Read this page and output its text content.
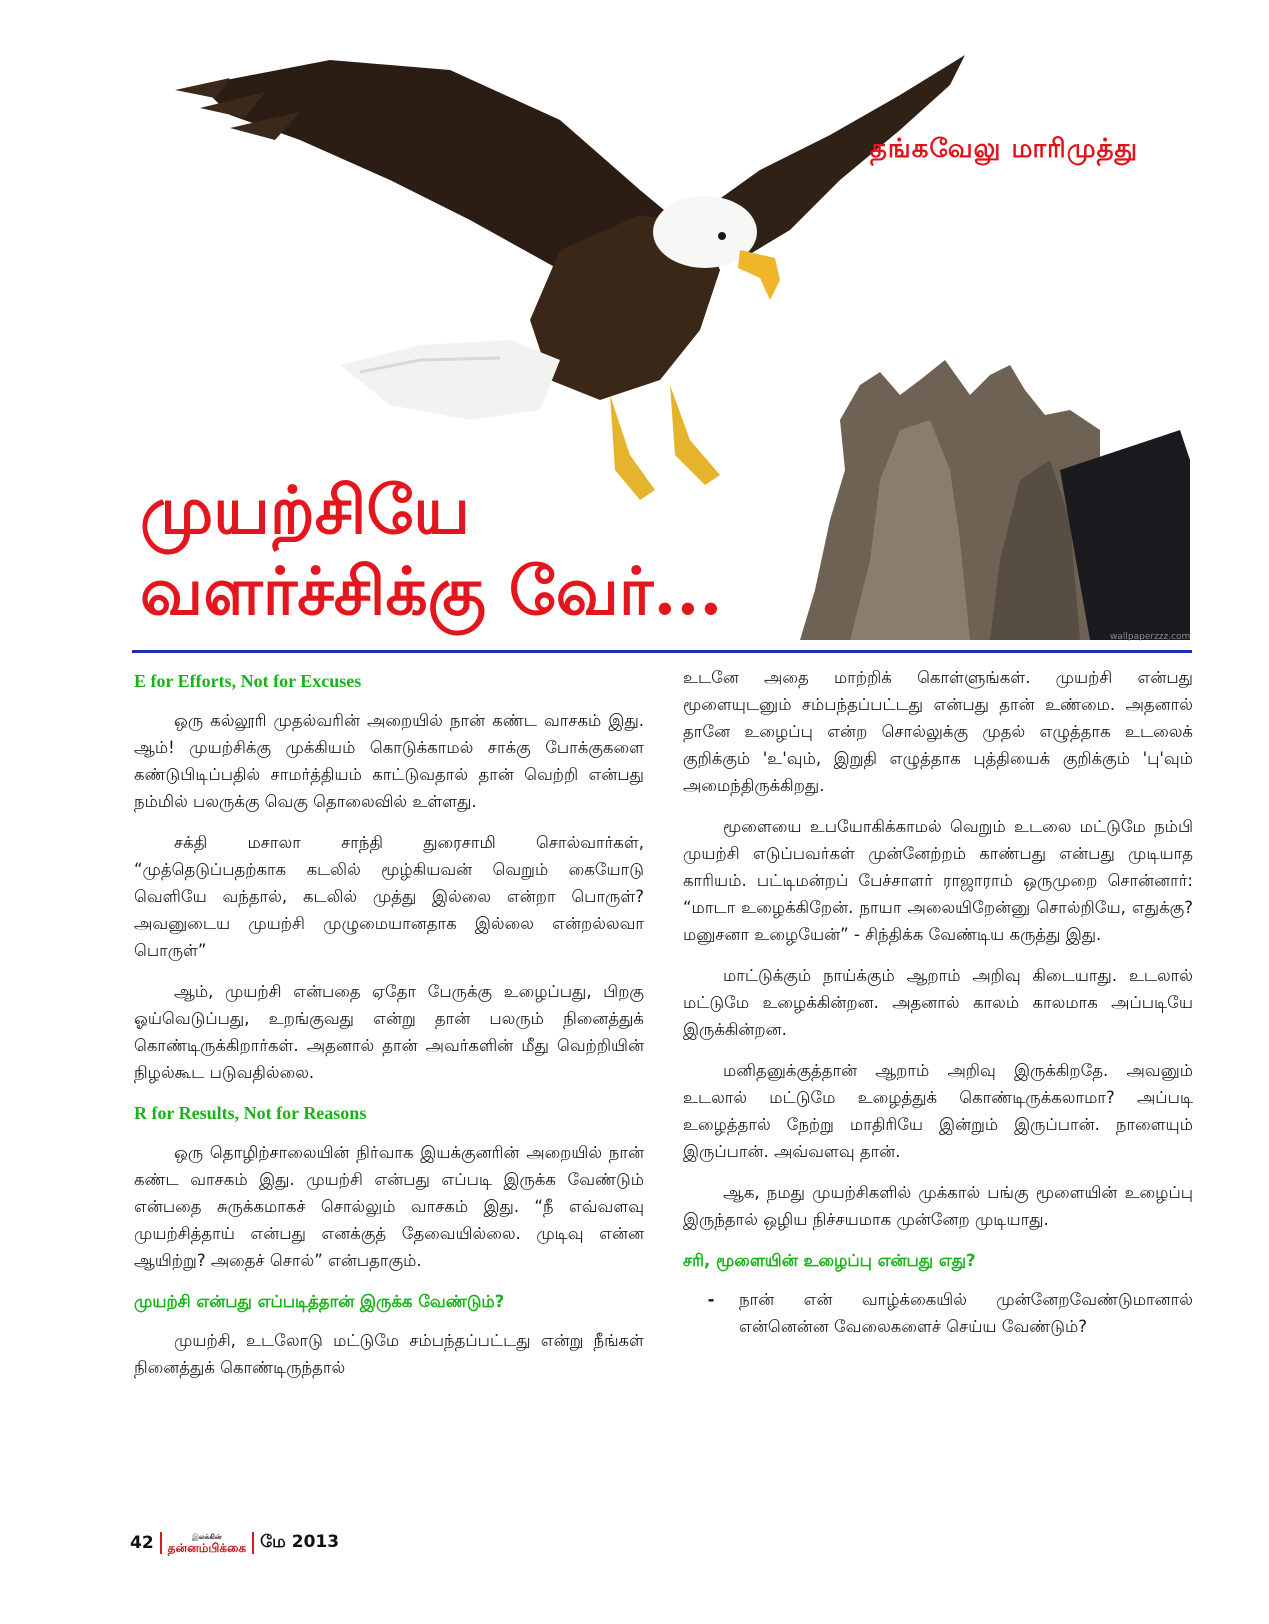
தங்கவேலு மாரிமுத்து
முயற்சியே
வளர்ச்சிக்கு வேர்...
wallpaperzzz.com
E for Efforts, Not for Excuses

ஒரு கல்லூரி முதல்வரின் அறையில் நான் கண்ட வாசகம் இது. ஆம்! முயற்சிக்கு முக்கியம் கொடுக்காமல் சாக்கு போக்குகளை கண்டுபிடிப்பதில் சாமர்த்தியம் காட்டுவதால் தான் வெற்றி என்பது நம்மில் பலருக்கு வெகு தொலைவில் உள்ளது.

சக்தி மசாலா சாந்தி துரைசாமி சொல்வார்கள், “முத்தெடுப்பதற்காக கடலில் மூழ்கியவன் வெறும் கையோடு வெளியே வந்தால், கடலில் முத்து இல்லை என்றா பொருள்? அவனுடைய முயற்சி முழுமையானதாக இல்லை என்றல்லவா பொருள்”

ஆம், முயற்சி என்பதை ஏதோ பேருக்கு உழைப்பது, பிறகு ஓய்வெடுப்பது, உறங்குவது என்று தான் பலரும் நினைத்துக் கொண்டிருக்கிறார்கள். அதனால் தான் அவர்களின் மீது வெற்றியின் நிழல்கூட படுவதில்லை.

R for Results, Not for Reasons

ஒரு தொழிற்சாலையின் நிர்வாக இயக்குனரின் அறையில் நான் கண்ட வாசகம் இது. முயற்சி என்பது எப்படி இருக்க வேண்டும் என்பதை சுருக்கமாகச் சொல்லும் வாசகம் இது. “நீ எவ்வளவு முயற்சித்தாய் என்பது எனக்குத் தேவையில்லை. முடிவு என்ன ஆயிற்று? அதைச் சொல்” என்பதாகும்.

முயற்சி என்பது எப்படித்தான் இருக்க வேண்டும்?

முயற்சி, உடலோடு மட்டுமே சம்பந்தப்பட்டது என்று நீங்கள் நினைத்துக் கொண்டிருந்தால்

உடனே அதை மாற்றிக் கொள்ளுங்கள். முயற்சி என்பது மூளையுடனும் சம்பந்தப்பட்டது என்பது தான் உண்மை. அதனால் தானே உழைப்பு என்ற சொல்லுக்கு முதல் எழுத்தாக உடலைக் குறிக்கும் 'உ'வும், இறுதி எழுத்தாக புத்தியைக் குறிக்கும் 'பு'வும் அமைந்திருக்கிறது.

மூளையை உபயோகிக்காமல் வெறும் உடலை மட்டுமே நம்பி முயற்சி எடுப்பவர்கள் முன்னேற்றம் காண்பது என்பது முடியாத காரியம். பட்டிமன்றப் பேச்சாளர் ராஜாராம் ஒருமுறை சொன்னார்: “மாடா உழைக்கிறேன். நாயா அலையிறேன்னு சொல்றியே, எதுக்கு? மனுசனா உழையேன்” - சிந்திக்க வேண்டிய கருத்து இது.

மாட்டுக்கும் நாய்க்கும் ஆறாம் அறிவு கிடையாது. உடலால் மட்டுமே உழைக்கின்றன. அதனால் காலம் காலமாக அப்படியே இருக்கின்றன.

மனிதனுக்குத்தான் ஆறாம் அறிவு இருக்கிறதே. அவனும் உடலால் மட்டுமே உழைத்துக் கொண்டிருக்கலாமா? அப்படி உழைத்தால் நேற்று மாதிரியே இன்றும் இருப்பான். நாளையும் இருப்பான். அவ்வளவு தான்.

ஆக, நமது முயற்சிகளில் முக்கால் பங்கு மூளையின் உழைப்பு இருந்தால் ஒழிய நிச்சயமாக முன்னேற முடியாது.

சரி, மூளையின் உழைப்பு என்பது எது?
-	நான் என் வாழ்க்கையில் முன்னேறவேண்டுமானால் என்னென்ன வேலைகளைச் செய்ய வேண்டும்?
42	இலக்கின்
தன்னம்பிக்கை மே 2013
